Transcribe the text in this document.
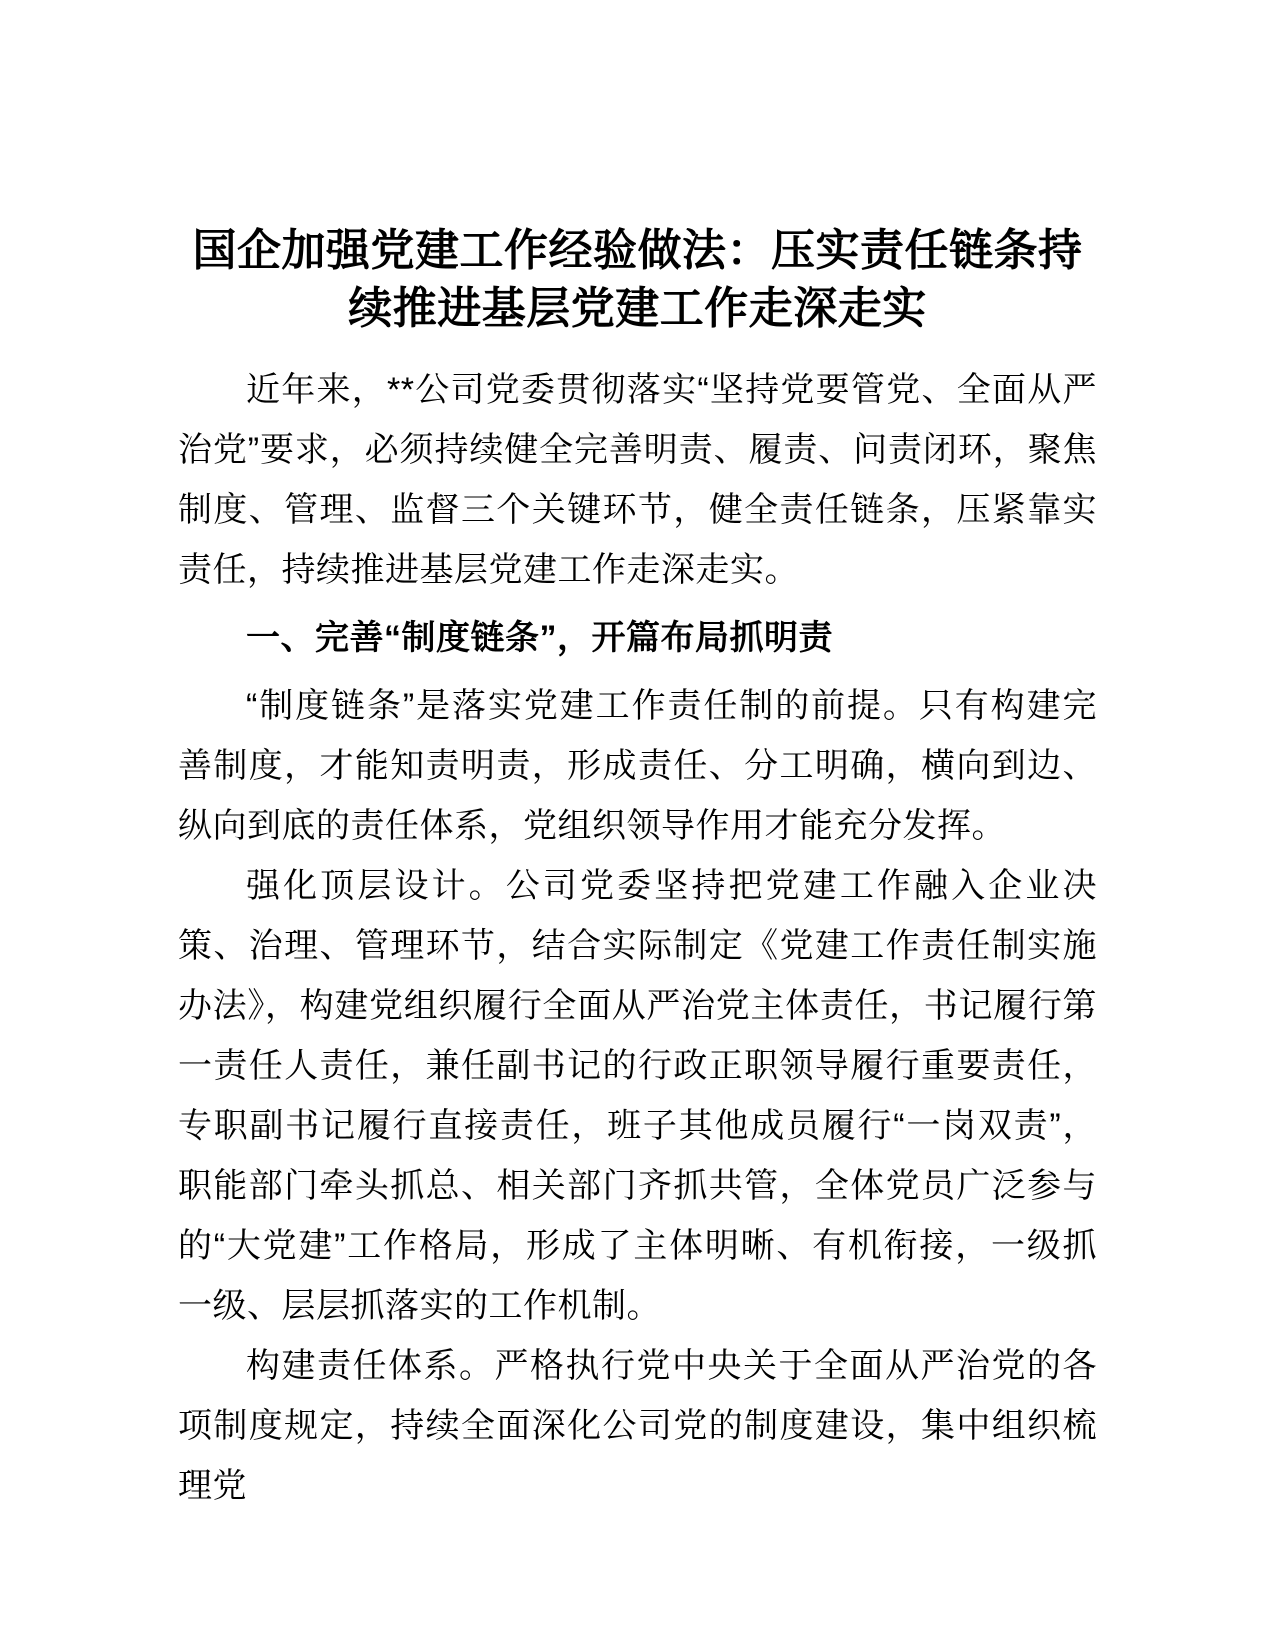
国企加强党建工作经验做法：压实责任链条持续推进基层党建工作走深走实

近年来，**公司党委贯彻落实“坚持党要管党、全面从严治党”要求，必须持续健全完善明责、履责、问责闭环，聚焦制度、管理、监督三个关键环节，健全责任链条，压紧靠实责任，持续推进基层党建工作走深走实。

一、完善“制度链条”，开篇布局抓明责

“制度链条”是落实党建工作责任制的前提。只有构建完善制度，才能知责明责，形成责任、分工明确，横向到边、纵向到底的责任体系，党组织领导作用才能充分发挥。

强化顶层设计。公司党委坚持把党建工作融入企业决策、治理、管理环节，结合实际制定《党建工作责任制实施办法》，构建党组织履行全面从严治党主体责任，书记履行第一责任人责任，兼任副书记的行政正职领导履行重要责任，专职副书记履行直接责任，班子其他成员履行“一岗双责”，职能部门牵头抓总、相关部门齐抓共管，全体党员广泛参与的“大党建”工作格局，形成了主体明晰、有机衔接，一级抓一级、层层抓落实的工作机制。

构建责任体系。严格执行党中央关于全面从严治党的各项制度规定，持续全面深化公司党的制度建设，集中组织梳理党
